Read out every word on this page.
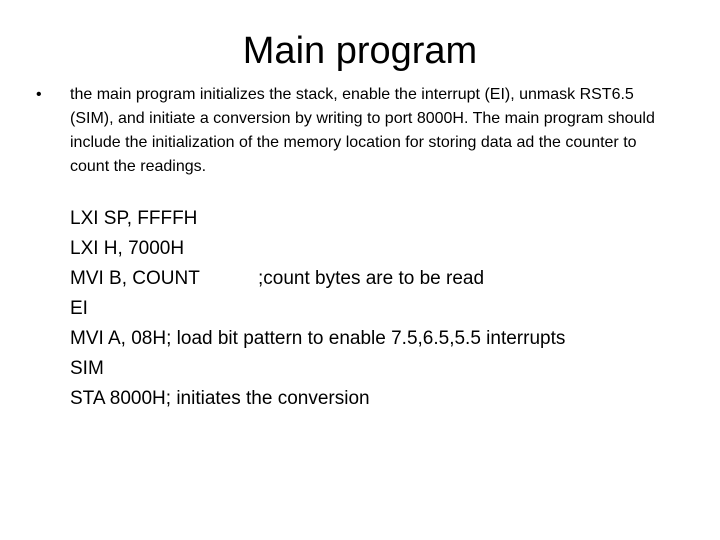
Main program
• the main program initializes the stack, enable the interrupt (EI), unmask RST6.5 (SIM), and initiate a conversion by writing to port 8000H. The main program should include the initialization of the memory location for storing data ad the counter to count the readings.
LXI SP, FFFFH
LXI H, 7000H
MVI B, COUNT	;count bytes are to be read
EI
MVI A, 08H; load bit pattern to enable 7.5,6.5,5.5 interrupts
SIM
STA 8000H; initiates the conversion
